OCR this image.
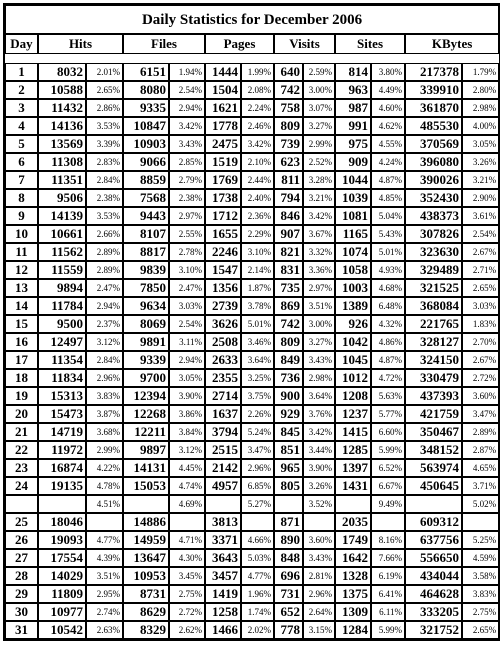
Daily Statistics for December 2006												
Day	Hits		Files		Pages		Visits		Sites		KBytes	

1	8032	2.01%	6151	1.94%	1444	1.99%	640	2.59%	814	3.80%	217378	1.79%
2	10588	2.65%	8080	2.54%	1504	2.08%	742	3.00%	963	4.49%	339910	2.80%
3	11432	2.86%	9335	2.94%	1621	2.24%	758	3.07%	987	4.60%	361870	2.98%
4	14136	3.53%	10847	3.42%	1778	2.46%	809	3.27%	991	4.62%	485530	4.00%
5	13569	3.39%	10903	3.43%	2475	3.42%	739	2.99%	975	4.55%	370569	3.05%
6	11308	2.83%	9066	2.85%	1519	2.10%	623	2.52%	909	4.24%	396080	3.26%
7	11351	2.84%	8859	2.79%	1769	2.44%	811	3.28%	1044	4.87%	390026	3.21%
8	9506	2.38%	7568	2.38%	1738	2.40%	794	3.21%	1039	4.85%	352430	2.90%
9	14139	3.53%	9443	2.97%	1712	2.36%	846	3.42%	1081	5.04%	438373	3.61%
10	10661	2.66%	8107	2.55%	1655	2.29%	907	3.67%	1165	5.43%	307826	2.54%
11	11562	2.89%	8817	2.78%	2246	3.10%	821	3.32%	1074	5.01%	323630	2.67%
12	11559	2.89%	9839	3.10%	1547	2.14%	831	3.36%	1058	4.93%	329489	2.71%
13	9894	2.47%	7850	2.47%	1356	1.87%	735	2.97%	1003	4.68%	321525	2.65%
14	11784	2.94%	9634	3.03%	2739	3.78%	869	3.51%	1389	6.48%	368084	3.03%
15	9500	2.37%	8069	2.54%	3626	5.01%	742	3.00%	926	4.32%	221765	1.83%
16	12497	3.12%	9891	3.11%	2508	3.46%	809	3.27%	1042	4.86%	328127	2.70%
17	11354	2.84%	9339	2.94%	2633	3.64%	849	3.43%	1045	4.87%	324150	2.67%
18	11834	2.96%	9700	3.05%	2355	3.25%	736	2.98%	1012	4.72%	330479	2.72%
19	15313	3.83%	12394	3.90%	2714	3.75%	900	3.64%	1208	5.63%	437393	3.60%
20	15473	3.87%	12268	3.86%	1637	2.26%	929	3.76%	1237	5.77%	421759	3.47%
21	14719	3.68%	12211	3.84%	3794	5.24%	845	3.42%	1415	6.60%	350467	2.89%
22	11972	2.99%	9897	3.12%	2515	3.47%	851	3.44%	1285	5.99%	348152	2.87%
23	16874	4.22%	14131	4.45%	2142	2.96%	965	3.90%	1397	6.52%	563974	4.65%
24	19135	4.78%	15053	4.74%	4957	6.85%	805	3.26%	1431	6.67%	450645	3.71%
		4.51%		4.69%		5.27%		3.52%		9.49%		5.02%
25	18046		14886		3813		871		2035		609312	
26	19093	4.77%	14959	4.71%	3371	4.66%	890	3.60%	1749	8.16%	637756	5.25%
27	17554	4.39%	13647	4.30%	3643	5.03%	848	3.43%	1642	7.66%	556650	4.59%
28	14029	3.51%	10953	3.45%	3457	4.77%	696	2.81%	1328	6.19%	434044	3.58%
29	11809	2.95%	8731	2.75%	1419	1.96%	731	2.96%	1375	6.41%	464628	3.83%
30	10977	2.74%	8629	2.72%	1258	1.74%	652	2.64%	1309	6.11%	333205	2.75%
31	10542	2.63%	8329	2.62%	1466	2.02%	778	3.15%	1284	5.99%	321752	2.65%
